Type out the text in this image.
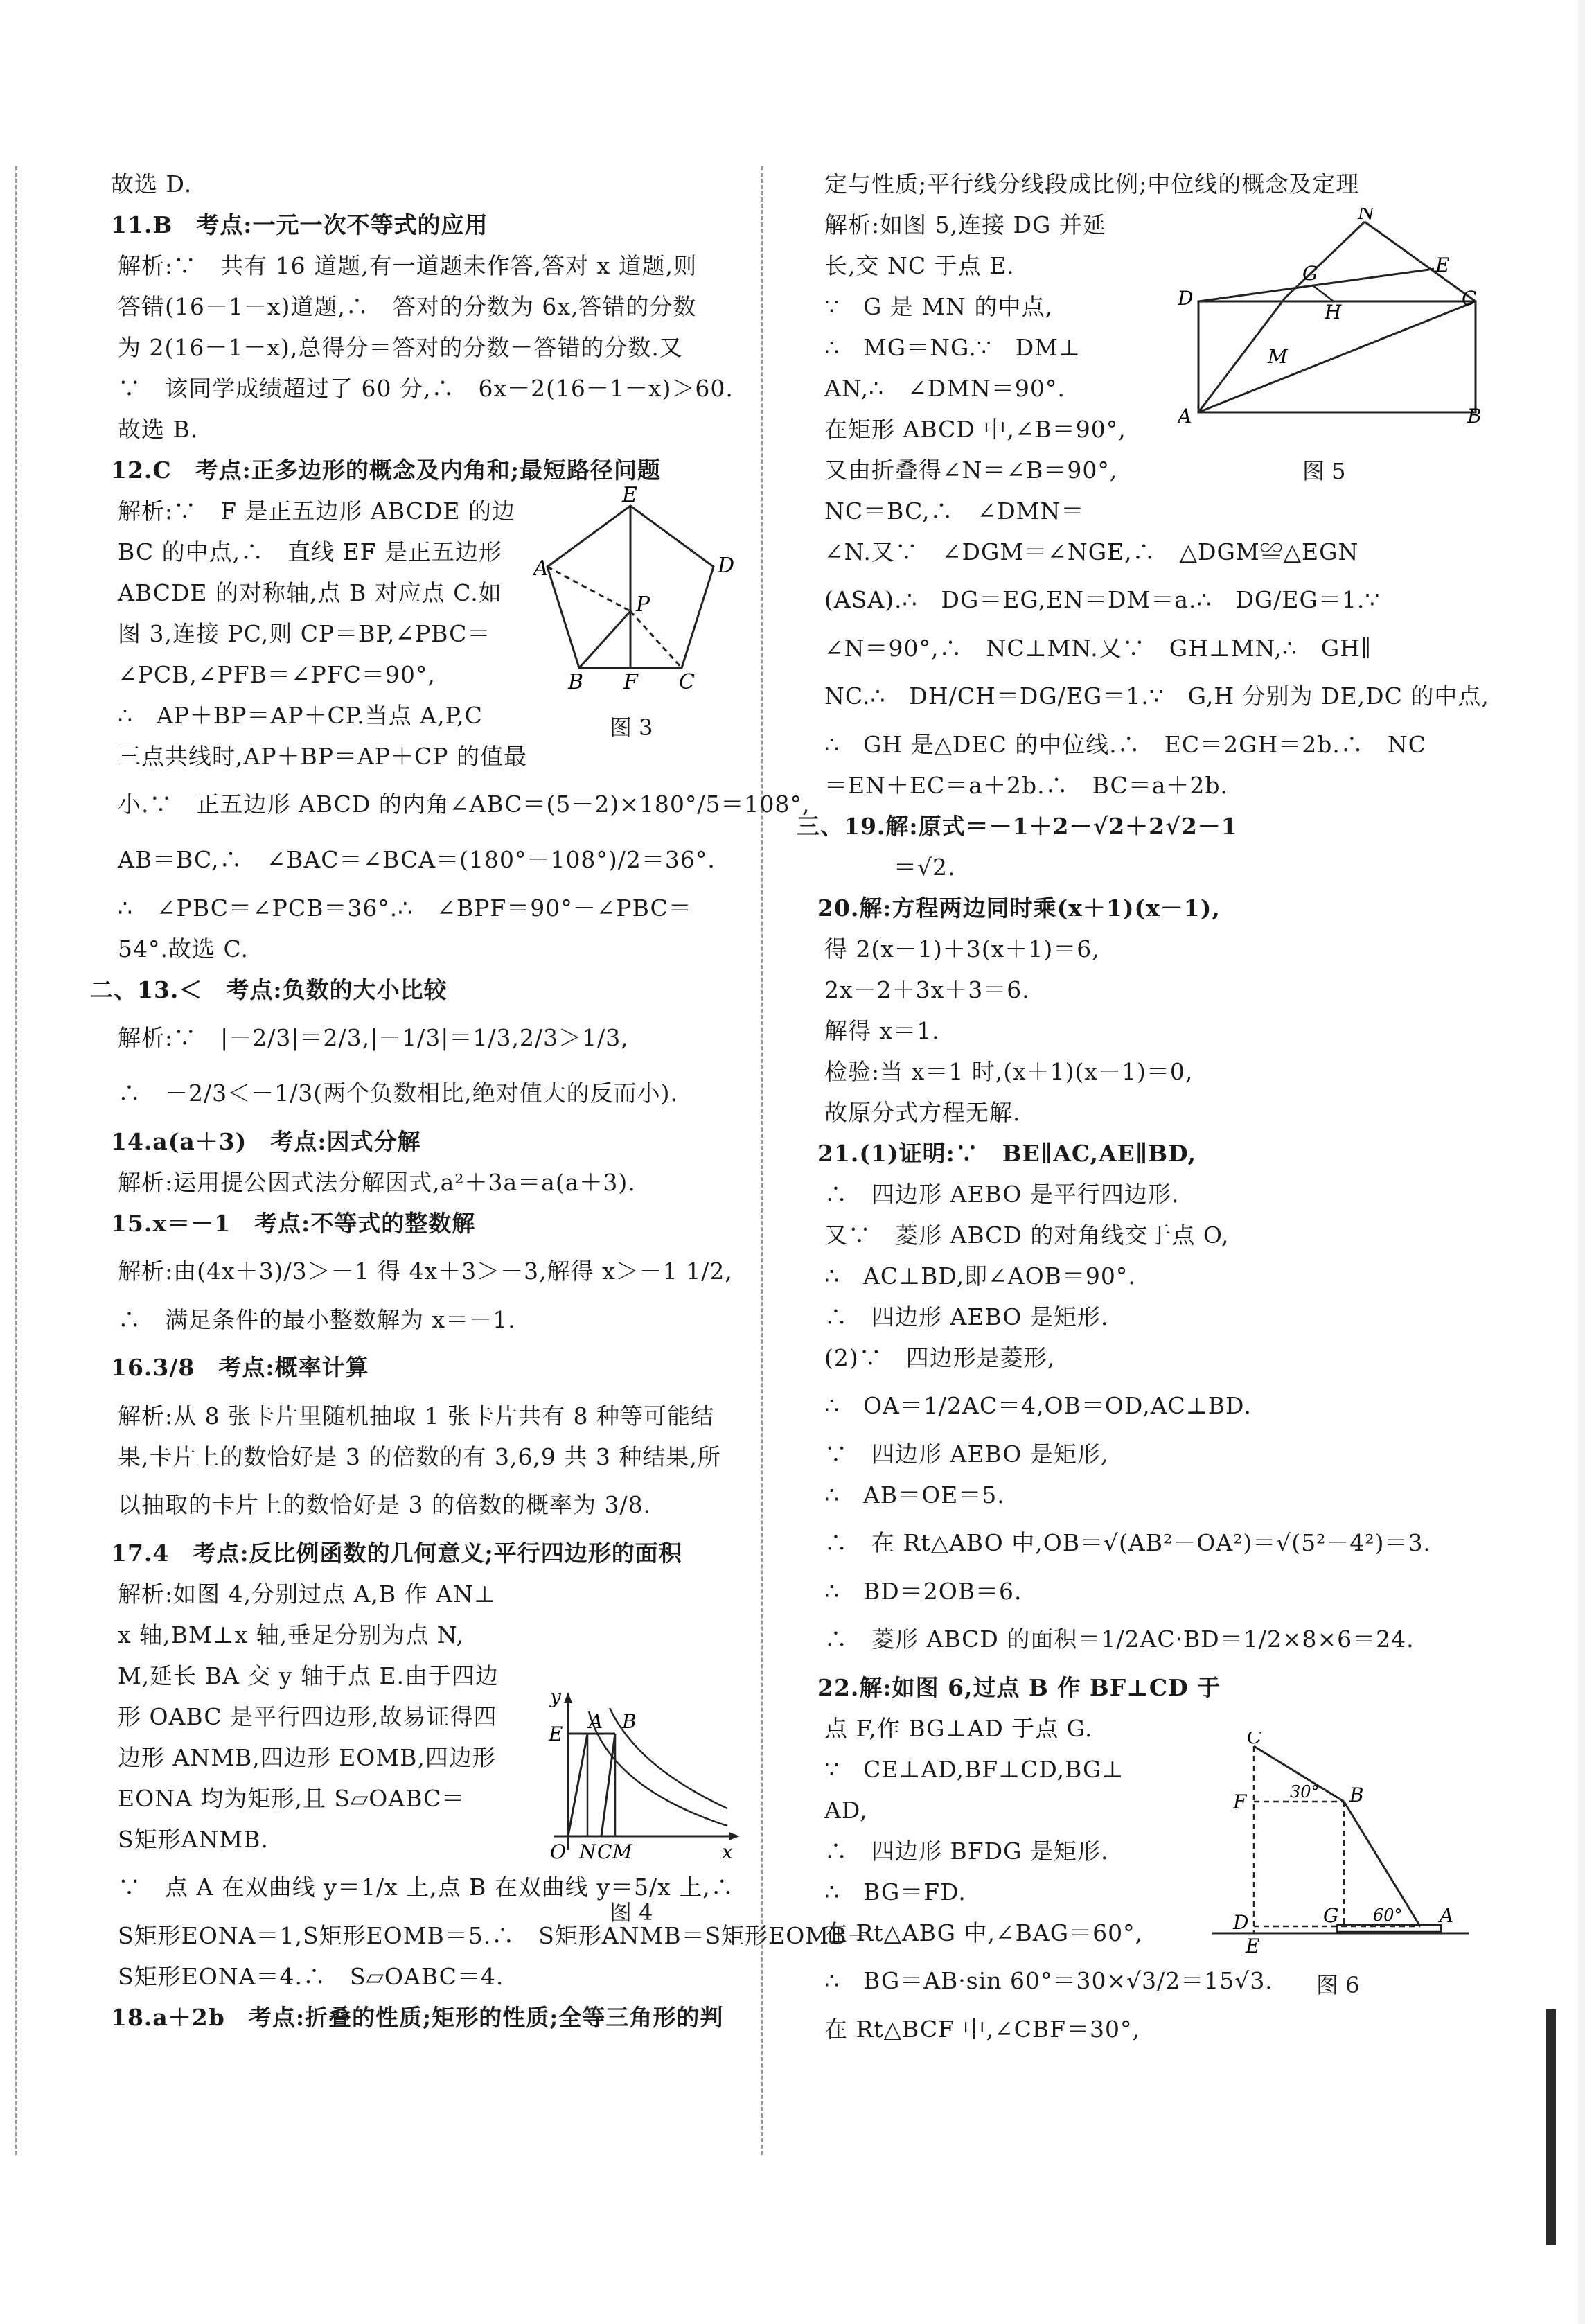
故选 D.
11.B　考点:一元一次不等式的应用
解析:∵　共有 16 道题,有一道题未作答,答对 x 道题,则
答错(16－1－x)道题,∴　答对的分数为 6x,答错的分数
为 2(16－1－x),总得分＝答对的分数－答错的分数.又
∵　该同学成绩超过了 60 分,∴　6x－2(16－1－x)＞60.
故选 B.
12.C　考点:正多边形的概念及内角和;最短路径问题
解析:∵　F 是正五边形 ABCDE 的边
BC 的中点,∴　直线 EF 是正五边形
ABCDE 的对称轴,点 B 对应点 C.如
图 3,连接 PC,则 CP＝BP,∠PBC＝
∠PCB,∠PFB＝∠PFC＝90°,
∴　AP＋BP＝AP＋CP.当点 A,P,C
三点共线时,AP＋BP＝AP＋CP 的值最
小.∵　正五边形 ABCD 的内角∠ABC＝(5－2)×180°/5＝108°,
AB＝BC,∴　∠BAC＝∠BCA＝(180°－108°)/2＝36°.
∴　∠PBC＝∠PCB＝36°.∴　∠BPF＝90°－∠PBC＝
54°.故选 C.
二、13.＜　考点:负数的大小比较
解析:∵　|－2/3|＝2/3,|－1/3|＝1/3,2/3＞1/3,
∴　－2/3＜－1/3(两个负数相比,绝对值大的反而小).
14.a(a＋3)　考点:因式分解
解析:运用提公因式法分解因式,a²＋3a＝a(a＋3).
15.x＝－1　考点:不等式的整数解
解析:由(4x＋3)/3＞－1 得 4x＋3＞－3,解得 x＞－1 1/2,
∴　满足条件的最小整数解为 x＝－1.
16.3/8　考点:概率计算
解析:从 8 张卡片里随机抽取 1 张卡片共有 8 种等可能结
果,卡片上的数恰好是 3 的倍数的有 3,6,9 共 3 种结果,所
以抽取的卡片上的数恰好是 3 的倍数的概率为 3/8.
17.4　考点:反比例函数的几何意义;平行四边形的面积
解析:如图 4,分别过点 A,B 作 AN⊥
x 轴,BM⊥x 轴,垂足分别为点 N,
M,延长 BA 交 y 轴于点 E.由于四边
形 OABC 是平行四边形,故易证得四
边形 ANMB,四边形 EOMB,四边形
EONA 均为矩形,且 S▱OABC＝
S矩形ANMB.
∵　点 A 在双曲线 y＝1/x 上,点 B 在双曲线 y＝5/x 上,∴
S矩形EONA＝1,S矩形EOMB＝5.∴　S矩形ANMB＝S矩形EOMB－
S矩形EONA＝4.∴　S▱OABC＝4.
18.a＋2b　考点:折叠的性质;矩形的性质;全等三角形的判
定与性质;平行线分线段成比例;中位线的概念及定理
解析:如图 5,连接 DG 并延
长,交 NC 于点 E.
∵　G 是 MN 的中点,
∴　MG＝NG.∵　DM⊥
AN,∴　∠DMN＝90°.
在矩形 ABCD 中,∠B＝90°,
又由折叠得∠N＝∠B＝90°,
NC＝BC,∴　∠DMN＝
∠N.又∵　∠DGM＝∠NGE,∴　△DGM≌△EGN
(ASA).∴　DG＝EG,EN＝DM＝a.∴　DG/EG＝1.∵
∠N＝90°,∴　NC⊥MN.又∵　GH⊥MN,∴　GH∥
NC.∴　DH/CH＝DG/EG＝1.∵　G,H 分别为 DE,DC 的中点,
∴　GH 是△DEC 的中位线.∴　EC＝2GH＝2b.∴　NC
＝EN＋EC＝a＋2b.∴　BC＝a＋2b.
三、19.解:原式＝－1＋2－√2＋2√2－1
＝√2.
20.解:方程两边同时乘(x＋1)(x－1),
得 2(x－1)＋3(x＋1)＝6,
2x－2＋3x＋3＝6.
解得 x＝1.
检验:当 x＝1 时,(x＋1)(x－1)＝0,
故原分式方程无解.
21.(1)证明:∵　BE∥AC,AE∥BD,
∴　四边形 AEBO 是平行四边形.
又∵　菱形 ABCD 的对角线交于点 O,
∴　AC⊥BD,即∠AOB＝90°.
∴　四边形 AEBO 是矩形.
(2)∵　四边形是菱形,
∴　OA＝1/2AC＝4,OB＝OD,AC⊥BD.
∵　四边形 AEBO 是矩形,
∴　AB＝OE＝5.
∴　在 Rt△ABO 中,OB＝√(AB²－OA²)＝√(5²－4²)＝3.
∴　BD＝2OB＝6.
∴　菱形 ABCD 的面积＝1/2AC·BD＝1/2×8×6＝24.
22.解:如图 6,过点 B 作 BF⊥CD 于
点 F,作 BG⊥AD 于点 G.
∵　CE⊥AD,BF⊥CD,BG⊥
AD,
∴　四边形 BFDG 是矩形.
∴　BG＝FD.
在 Rt△ABG 中,∠BAG＝60°,
∴　BG＝AB·sin 60°＝30×√3/2＝15√3.
在 Rt△BCF 中,∠CBF＝30°,
E
A	D
P
B F C
图 3
y
E
A B
O N C M	x
图 4
N
G	E
D
H
C
M
A	B
图 5
C
F	30° B
D	G 60° A
E
图 6
